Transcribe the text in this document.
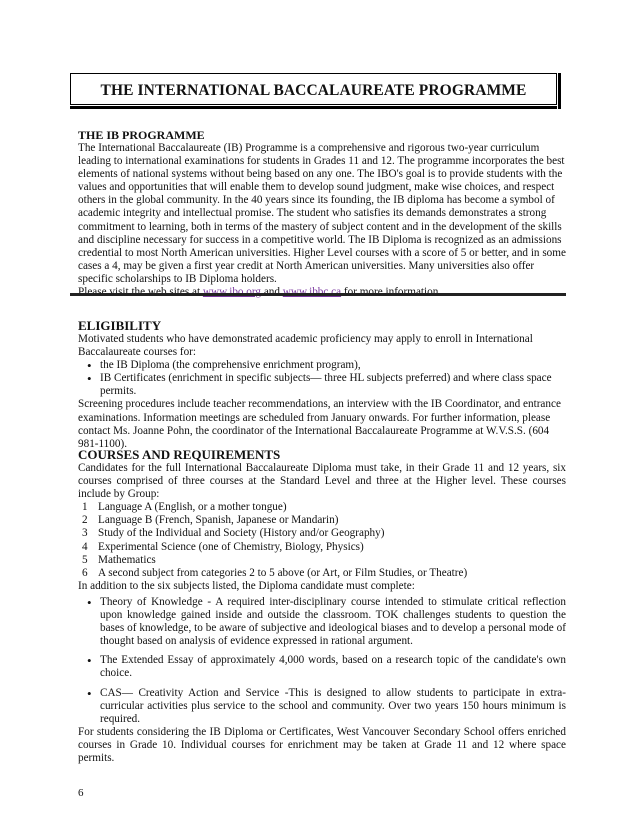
THE INTERNATIONAL BACCALAUREATE PROGRAMME
THE IB PROGRAMME

The International Baccalaureate (IB) Programme is a comprehensive and rigorous two-year curriculum leading to international examinations for students in Grades 11 and 12. The programme incorporates the best elements of national systems without being based on any one. The IBO's goal is to provide students with the values and opportunities that will enable them to develop sound judgment, make wise choices, and respect others in the global community. In the 40 years since its founding, the IB diploma has become a symbol of academic integrity and intellectual promise. The student who satisfies its demands demonstrates a strong commitment to learning, both in terms of the mastery of subject content and in the development of the skills and discipline necessary for success in a competitive world. The IB Diploma is recognized as an admissions credential to most North American universities. Higher Level courses with a score of 5 or better, and in some cases a 4, may be given a first year credit at North American universities. Many universities also offer specific scholarships to IB Diploma holders.

ELIGIBILITY

Motivated students who have demonstrated academic proficiency may apply to enroll in International Baccalaureate courses for:

• the IB Diploma (the comprehensive enrichment program),
• IB Certificates (enrichment in specific subjects— three HL subjects preferred) and where class space permits.

Screening procedures include teacher recommendations, an interview with the IB Coordinator, and entrance examinations. Information meetings are scheduled from January onwards. For further information, please contact Ms. Joanne Pohn, the coordinator of the International Baccalaureate Programme at W.V.S.S. (604 981-1100).

COURSES AND REQUIREMENTS

Candidates for the full International Baccalaureate Diploma must take, in their Grade 11 and 12 years, six courses comprised of three courses at the Standard Level and three at the Higher level. These courses include by Group:

1 Language A (English, or a mother tongue)
2 Language B (French, Spanish, Japanese or Mandarin)
3 Study of the Individual and Society (History and/or Geography)
4 Experimental Science (one of Chemistry, Biology, Physics)
5 Mathematics
6 A second subject from categories 2 to 5 above (or Art, or Film Studies, or Theatre)

In addition to the six subjects listed, the Diploma candidate must complete:

• Theory of Knowledge - A required inter-disciplinary course intended to stimulate critical reflection upon knowledge gained inside and outside the classroom. TOK challenges students to question the bases of knowledge, to be aware of subjective and ideological biases and to develop a personal mode of thought based on analysis of evidence expressed in rational argument.
• The Extended Essay of approximately 4,000 words, based on a research topic of the candidate's own choice.
• CAS— Creativity Action and Service -This is designed to allow students to participate in extra-curricular activities plus service to the school and community. Over two years 150 hours minimum is required.

For students considering the IB Diploma or Certificates, West Vancouver Secondary School offers enriched courses in Grade 10. Individual courses for enrichment may be taken at Grade 11 and 12 where space permits.

6
